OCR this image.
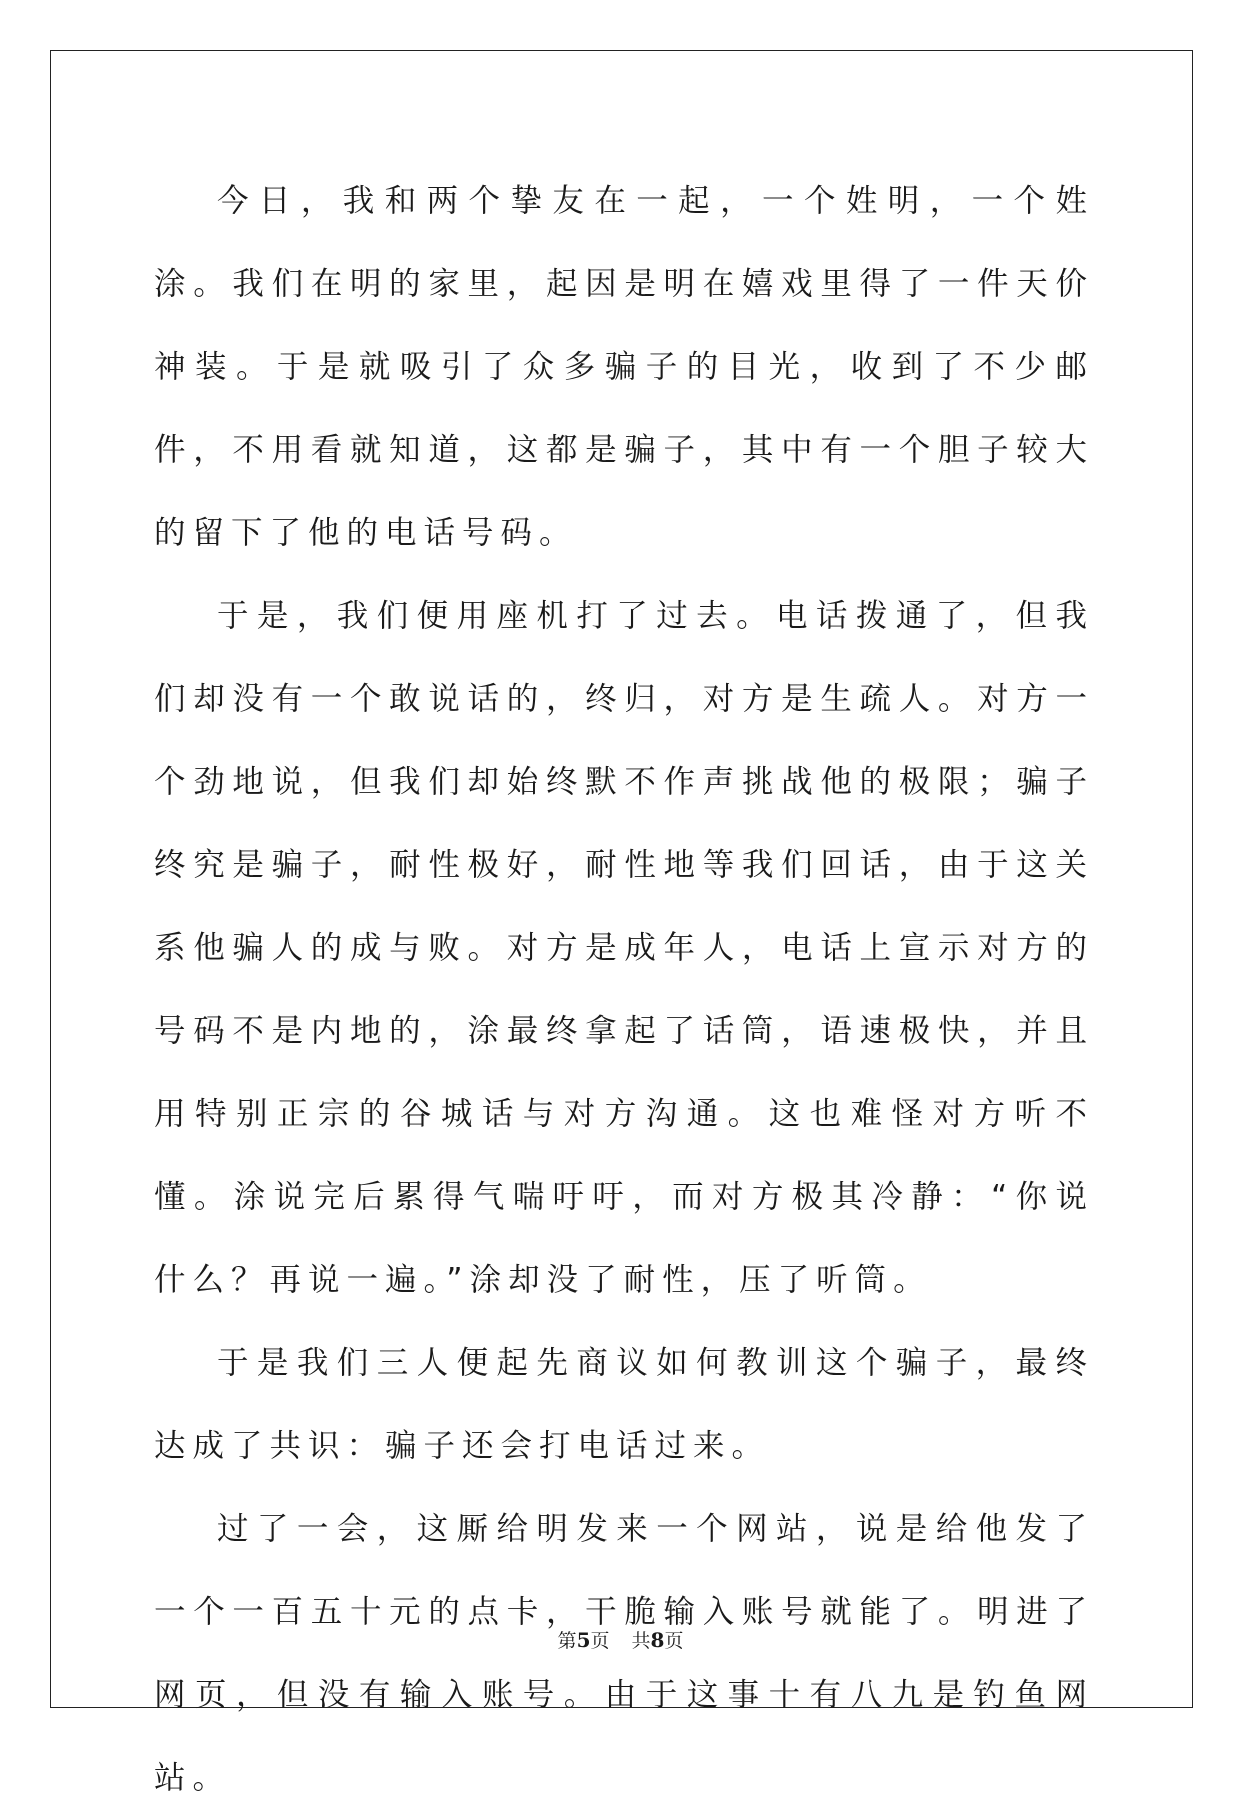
今日，我和两个挚友在一起，一个姓明，一个姓涂。我们在明的家里，起因是明在嬉戏里得了一件天价神装。于是就吸引了众多骗子的目光，收到了不少邮件，不用看就知道，这都是骗子，其中有一个胆子较大的留下了他的电话号码。

于是，我们便用座机打了过去。电话拨通了，但我们却没有一个敢说话的，终归，对方是生疏人。对方一个劲地说，但我们却始终默不作声挑战他的极限；骗子终究是骗子，耐性极好，耐性地等我们回话，由于这关系他骗人的成与败。对方是成年人，电话上宣示对方的号码不是内地的，涂最终拿起了话筒，语速极快，并且用特别正宗的谷城话与对方沟通。这也难怪对方听不懂。涂说完后累得气喘吁吁，而对方极其冷静：“你说什么？再说一遍。”涂却没了耐性，压了听筒。

于是我们三人便起先商议如何教训这个骗子，最终达成了共识：骗子还会打电话过来。

过了一会，这厮给明发来一个网站，说是给他发了一个一百五十元的点卡，干脆输入账号就能了。明进了网页，但没有输入账号。由于这事十有八九是钓鱼网站。

第5页 共8页
